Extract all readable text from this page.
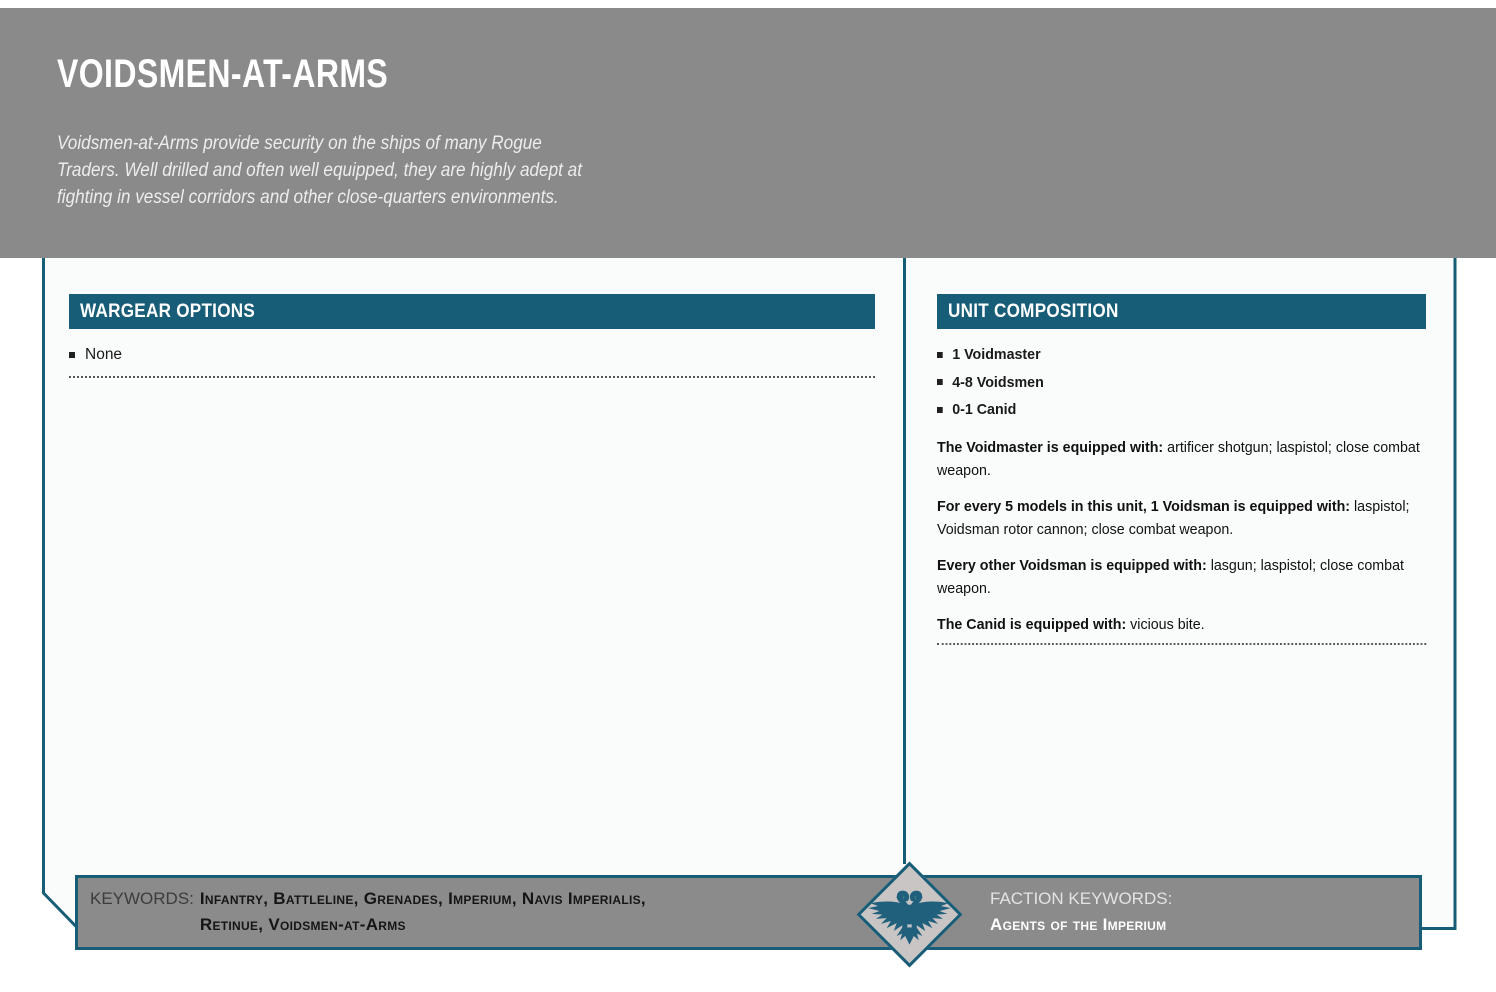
VOIDSMEN-AT-ARMS
Voidsmen-at-Arms provide security on the ships of many Rogue
Traders. Well drilled and often well equipped, they are highly adept at
fighting in vessel corridors and other close-quarters environments.
WARGEAR OPTIONS
None
UNIT COMPOSITION
1 Voidmaster
4-8 Voidsmen
0-1 Canid

The Voidmaster is equipped with: artificer shotgun; laspistol; close combat weapon.

For every 5 models in this unit, 1 Voidsman is equipped with: laspistol; Voidsman rotor cannon; close combat weapon.

Every other Voidsman is equipped with: lasgun; laspistol; close combat weapon.

The Canid is equipped with: vicious bite.

KEYWORDS: Infantry, Battleline, Grenades, Imperium, Navis Imperialis,
Retinue, Voidsmen-at-Arms
FACTION KEYWORDS:
Agents of the Imperium
